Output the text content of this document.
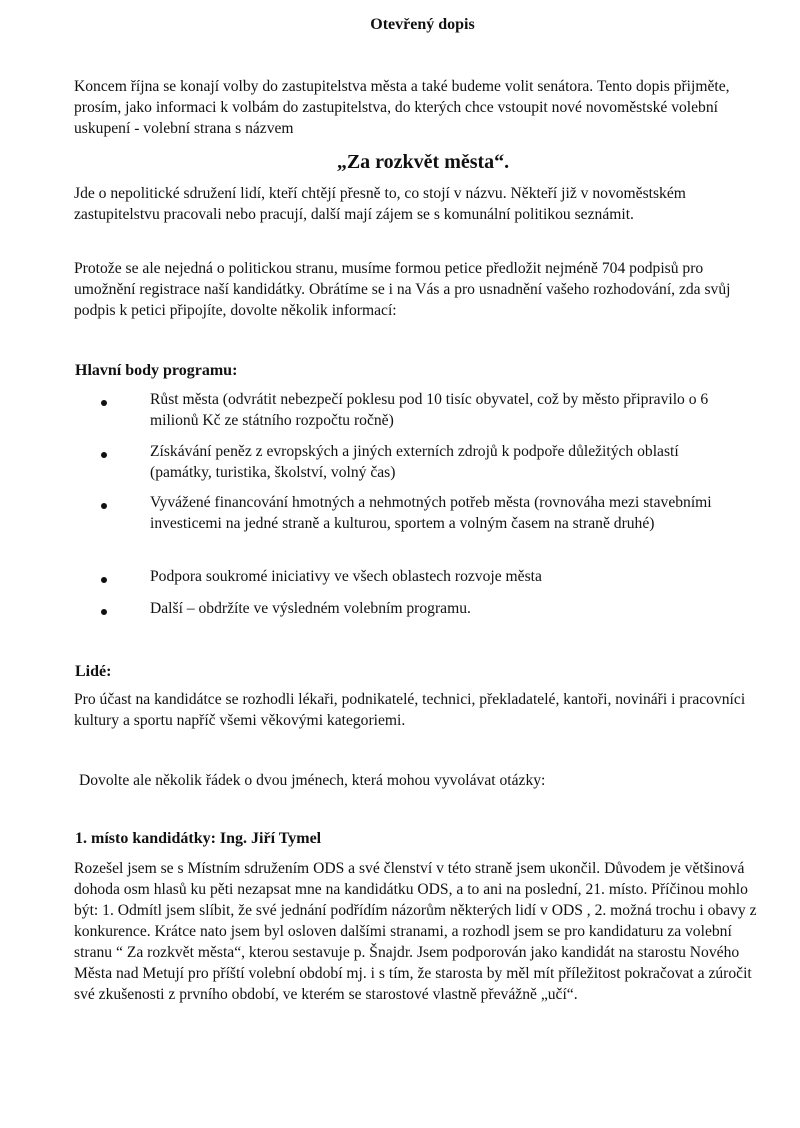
Otevřený dopis

Koncem října se konají volby do zastupitelstva města a také budeme volit senátora. Tento dopis přijměte, prosím, jako informaci k volbám do zastupitelstva, do kterých chce vstoupit nové novoměstské volební uskupení - volební strana s názvem

„Za rozkvět města“.

Jde o nepolitické sdružení lidí, kteří chtějí přesně to, co stojí v názvu. Někteří již v novoměstském zastupitelstvu pracovali nebo pracují, další mají zájem se s komunální politikou seznámit.

Protože se ale nejedná o politickou stranu, musíme formou petice předložit nejméně 704 podpisů pro umožnění registrace naší kandidátky. Obrátíme se i na Vás a pro usnadnění vašeho rozhodování, zda svůj podpis k petici připojíte, dovolte několik informací:

Hlavní body programu:

Růst města (odvrátit nebezpečí poklesu pod 10 tisíc obyvatel, což by město připravilo o 6 milionů Kč ze státního rozpočtu ročně)
Získávání peněz z evropských a jiných externích zdrojů k podpoře důležitých oblastí (památky, turistika, školství, volný čas)
Vyvážené financování hmotných a nehmotných potřeb města (rovnováha mezi stavebními investicemi na jedné straně a kulturou, sportem a volným časem na straně druhé)
Podpora soukromé iniciativy ve všech oblastech rozvoje města
Další – obdržíte ve výsledném volebním programu.

Lidé:

Pro účast na kandidátce se rozhodli lékaři, podnikatelé, technici, překladatelé, kantoři, novináři i pracovníci kultury a sportu napříč všemi věkovými kategoriemi.

Dovolte ale několik řádek o dvou jménech, která mohou vyvolávat otázky:

1. místo kandidátky: Ing. Jiří Tymel

Rozešel jsem se s Místním sdružením ODS a své členství v této straně jsem ukončil. Důvodem je většinová dohoda osm hlasů ku pěti nezapsat mne na kandidátku ODS, a to ani na poslední, 21. místo. Příčinou mohlo být: 1. Odmítl jsem slíbit, že své jednání podřídím názorům některých lidí v ODS , 2. možná trochu i obavy z konkurence. Krátce nato jsem byl osloven dalšími stranami, a rozhodl jsem se pro kandidaturu za volební stranu “ Za rozkvět města“, kterou sestavuje p. Šnajdr. Jsem podporován jako kandidát na starostu Nového Města nad Metují pro příští volební období mj. i s tím, že starosta by měl mít příležitost pokračovat a zúročit své zkušenosti z prvního období, ve kterém se starostové vlastně převážně „učí“.
